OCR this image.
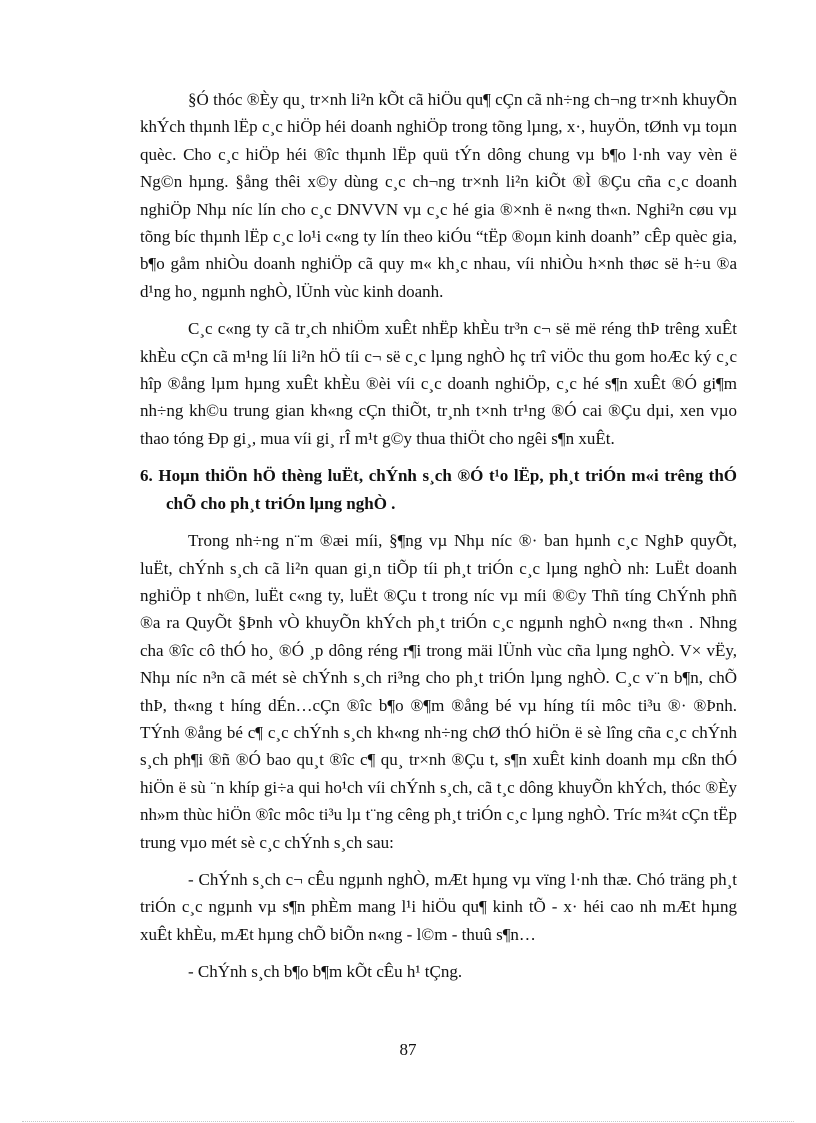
§Ó thóc ®Èy qu¸ tr×nh li²n kÕt cã hiÖu qu¶ cÇn cã nh÷ng ch¬ng tr×nh khuyÕn khÝch thµnh lËp c¸c hiÖp héi doanh nghiÖp trong tõng lµng, x·, huyÖn, tØnh vµ toµn quèc. Cho c¸c hiÖp héi ®îc thµnh lËp quü tÝn dông chung vµ b¶o l·nh vay vèn ë Ng©n hµng. §ång thêi x©y dùng c¸c ch¬ng tr×nh li²n kiÕt ®Ì ®Çu cña c¸c doanh nghiÖp Nhµ níc lín cho c¸c DNVVN vµ c¸c hé gia ®×nh ë n«ng th«n. Nghi²n cøu vµ tõng bíc thµnh lËp c¸c lo¹i c«ng ty lín theo kiÓu “tËp ®oµn kinh doanh” cÊp quèc gia, b¶o gåm nhiÒu doanh nghiÖp cã quy m« kh¸c nhau, víi nhiÒu h×nh thøc së h÷u ®a d¹ng ho¸ ngµnh nghÒ, lÜnh vùc kinh doanh.

C¸c c«ng ty cã tr¸ch nhiÖm xuÊt nhËp khÈu tr³n c¬ së më réng thÞ trêng xuÊt khÈu cÇn cã m¹ng líi li²n hÖ tíi c¬ së c¸c lµng nghÒ hç trî viÖc thu gom hoÆc ký c¸c hîp ®ång lµm hµng xuÊt khÈu ®èi víi c¸c doanh nghiÖp, c¸c hé s¶n xuÊt ®Ó gi¶m nh÷ng kh©u trung gian kh«ng cÇn thiÕt, tr¸nh t×nh tr¹ng ®Ó cai ®Çu dµi, xen vµo thao tóng Ðp gi¸, mua víi gi¸ rÎ m¹t g©y thua thiÖt cho ngêi s¶n xuÊt.

6. Hoµn thiÖn hÖ thèng luËt, chÝnh s¸ch ®Ó t¹o lËp, ph¸t triÓn m«i trêng thÓ chÕ cho ph¸t triÓn lµng nghÒ .

Trong nh÷ng n¨m ®æi míi, §¶ng vµ Nhµ níc ®· ban hµnh c¸c NghÞ quyÕt, luËt, chÝnh s¸ch cã li²n quan gi¸n tiÕp tíi ph¸t triÓn c¸c lµng nghÒ nh: LuËt doanh nghiÖp t nh©n, luËt c«ng ty, luËt ®Çu t trong níc vµ míi ®©y Thñ tíng ChÝnh phñ ®a ra QuyÕt §Þnh vÒ khuyÕn khÝch ph¸t triÓn c¸c ngµnh nghÒ n«ng th«n . Nhng cha ®îc cô thÓ ho¸ ®Ó ¸p dông réng r¶i trong mäi lÜnh vùc cña lµng nghÒ. V× vËy, Nhµ níc n³n cã mét sè chÝnh s¸ch ri³ng cho ph¸t triÓn lµng nghÒ. C¸c v¨n b¶n, chÕ thÞ, th«ng t híng dÉn…cÇn ®îc b¶o ®¶m ®ång bé vµ híng tíi môc ti³u ®· ®Þnh. TÝnh ®ång bé c¶ c¸c chÝnh s¸ch kh«ng nh÷ng chØ thÓ hiÖn ë sè lîng cña c¸c chÝnh s¸ch ph¶i ®ñ ®Ó bao qu¸t ®îc c¶ qu¸ tr×nh ®Çu t, s¶n xuÊt kinh doanh mµ cßn thÓ hiÖn ë sù ¨n khíp gi÷a qui ho¹ch víi chÝnh s¸ch, cã t¸c dông khuyÕn khÝch, thóc ®Èy nh»m thùc hiÖn ®îc môc ti³u lµ t¨ng cêng ph¸t triÓn c¸c lµng nghÒ. Tríc m¾t cÇn tËp trung vµo mét sè c¸c chÝnh s¸ch sau:

- ChÝnh s¸ch c¬ cÊu ngµnh nghÒ, mÆt hµng vµ vïng l·nh thæ. Chó träng ph¸t triÓn c¸c ngµnh vµ s¶n phÈm mang l¹i hiÖu qu¶ kinh tÕ - x· héi cao nh mÆt hµng xuÊt khÈu, mÆt hµng chÕ biÕn n«ng - l©m - thuû s¶n…

- ChÝnh s¸ch b¶o b¶m kÕt cÊu h¹ tÇng.

87
